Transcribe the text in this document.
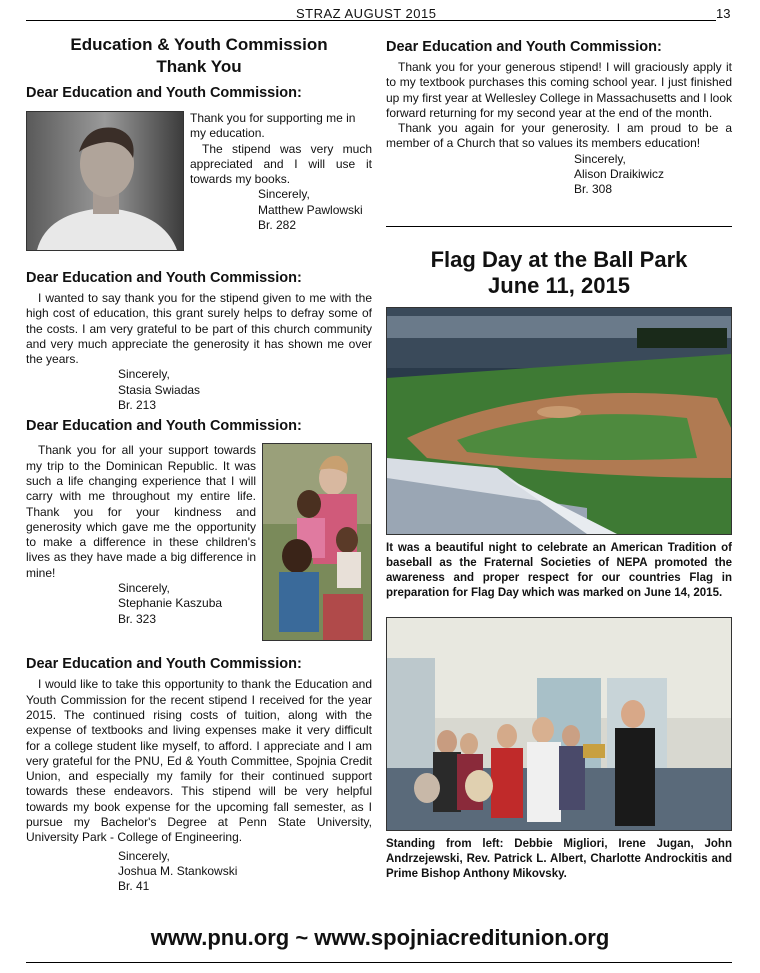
STRAZ AUGUST 2015	13
Education & Youth Commission
Thank You
Dear Education and Youth Commission:

Thank you for supporting me in my education.

The stipend was very much appreciated and I will use it towards my books.

Sincerely,
Matthew Pawlowski
Br. 282
Dear Education and Youth Commission:

I wanted to say thank you for the stipend given to me with the high cost of education, this grant surely helps to defray some of the costs. I am very grateful to be part of this church community and very much appreciate the generosity it has shown me over the years.

Sincerely,
Stasia Swiadas
Br. 213
Dear Education and Youth Commission:

Thank you for all your support towards my trip to the Dominican Republic. It was such a life changing experience that I will carry with me throughout my entire life. Thank you for your kindness and generosity which gave me the opportunity to make a difference in these children's lives as they have made a big difference in mine!

Sincerely,
Stephanie Kaszuba
Br. 323
Dear Education and Youth Commission:

I would like to take this opportunity to thank the Education and Youth Commission for the recent stipend I received for the year 2015. The continued rising costs of tuition, along with the expense of textbooks and living expenses make it very difficult for a college student like myself, to afford. I appreciate and I am very grateful for the PNU, Ed & Youth Committee, Spojnia Credit Union, and especially my family for their continued support towards these endeavors. This stipend will be very helpful towards my book expense for the upcoming fall semester, as I pursue my Bachelor's Degree at Penn State University, University Park - College of Engineering.

Sincerely,
Joshua M. Stankowski
Br. 41
Dear Education and Youth Commission:

Thank you for your generous stipend! I will graciously apply it to my textbook purchases this coming school year. I just finished up my first year at Wellesley College in Massachusetts and I look forward returning for my second year at the end of the month.

Thank you again for your generosity. I am proud to be a member of a Church that so values its members education!

Sincerely,
Alison Draikiwicz
Br. 308
Flag Day at the Ball Park
June 11, 2015
It was a beautiful night to celebrate an American Tradition of baseball as the Fraternal Societies of NEPA promoted the awareness and proper respect for our countries Flag in preparation for Flag Day which was marked on June 14, 2015.
Standing from left: Debbie Migliori, Irene Jugan, John Andrzejewski, Rev. Patrick L. Albert, Charlotte Androckitis and Prime Bishop Anthony Mikovsky.
www.pnu.org ~ www.spojniacreditunion.org
